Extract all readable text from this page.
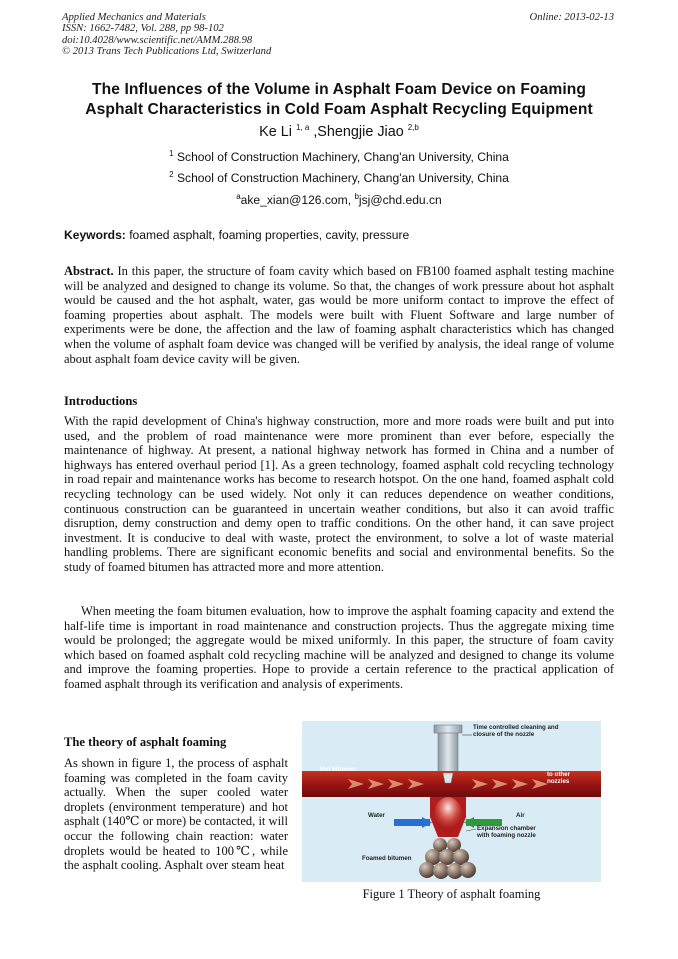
Applied Mechanics and Materials
ISSN: 1662-7482, Vol. 288, pp 98-102
doi:10.4028/www.scientific.net/AMM.288.98
© 2013 Trans Tech Publications Ltd, Switzerland
Online: 2013-02-13
The Influences of the Volume in Asphalt Foam Device on Foaming
Asphalt Characteristics in Cold Foam Asphalt Recycling Equipment
Ke Li $^{1, a}$ ,Shengjie Jiao $^{2,b}$
$^1$ School of Construction Machinery, Chang'an University, China
$^2$ School of Construction Machinery, Chang'an University, China
$^a$ake_xian@126.com, $^b$jsj@chd.edu.cn
Keywords: foamed asphalt, foaming properties, cavity, pressure
Abstract. In this paper, the structure of foam cavity which based on FB100 foamed asphalt testing machine will be analyzed and designed to change its volume. So that, the changes of work pressure about hot asphalt would be caused and the hot asphalt, water, gas would be more uniform contact to improve the effect of foaming properties about asphalt. The models were built with Fluent Software and large number of experiments were be done, the affection and the law of foaming asphalt characteristics which has changed when the volume of asphalt foam device was changed will be verified by analysis, the ideal range of volume about asphalt foam device cavity will be given.
Introductions
With the rapid development of China's highway construction, more and more roads were built and put into used, and the problem of road maintenance were more prominent than ever before, especially the maintenance of highway. At present, a national highway network has formed in China and a number of highways has entered overhaul period [1]. As a green technology, foamed asphalt cold recycling technology in road repair and maintenance works has become to research hotspot. On the one hand, foamed asphalt cold recycling technology can be used widely. Not only it can reduces dependence on weather conditions, continuous construction can be guaranteed in uncertain weather conditions, but also it can avoid traffic disruption, demy construction and demy open to traffic conditions. On the other hand, it can save project investment. It is conducive to deal with waste, protect the environment, to solve a lot of waste material handling problems. There are significant economic benefits and social and environmental benefits. So the study of foamed bitumen has attracted more and more attention.
When meeting the foam bitumen evaluation, how to improve the asphalt foaming capacity and extend the half-life time is important in road maintenance and construction projects. Thus the aggregate mixing time would be prolonged; the aggregate would be mixed uniformly. In this paper, the structure of foam cavity which based on foamed asphalt cold recycling machine will be analyzed and designed to change its volume and improve the foaming properties. Hope to provide a certain reference to the practical application of foamed asphalt through its verification and analysis of experiments.
The theory of asphalt foaming
As shown in figure 1, the process of asphalt foaming was completed in the foam cavity actually. When the super cooled water droplets (environment temperature) and hot asphalt (140℃ or more) be contacted, it will occur the following chain reaction: water droplets would be heated to 100℃, while the asphalt cooling. Asphalt over steam heat
Time controlled cleaning and
closure of the nozzle
Hot bitumen
to other
nozzles
Water	Air
Expansion chamber
with foaming nozzle
Foamed bitumen
Figure 1 Theory of asphalt foaming
